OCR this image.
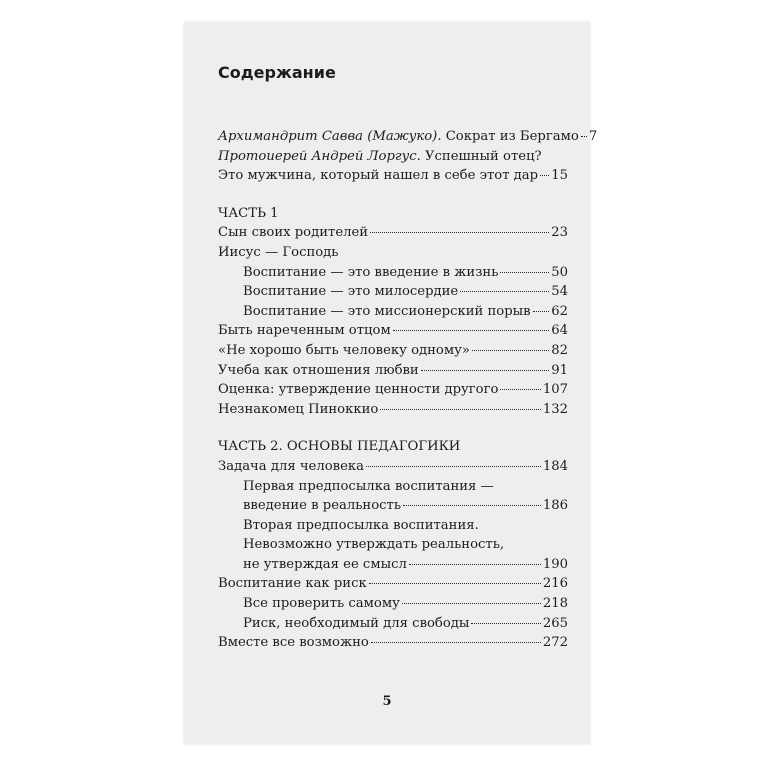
Содержание
Архимандрит Савва (Мажуко). Сократ из Бергамо 7
Протоиерей Андрей Лоргус. Успешный отец?
Это мужчина, который нашел в себе этот дар 15
ЧАСТЬ 1
Сын своих родителей	23
Иисус — Господь
Воспитание — это введение в жизнь	50
Воспитание — это милосердие	54
Воспитание — это миссионерский порыв 62
Быть нареченным отцом	64
«Не хорошо быть человеку одному»	82
Учеба как отношения любви	91
Оценка: утверждение ценности другого	107
Незнакомец Пиноккио	132
ЧАСТЬ 2. ОСНОВЫ ПЕДАГОГИКИ
Задача для человека	184
Первая предпосылка воспитания —
введение в реальность	186
Вторая предпосылка воспитания.
Невозможно утверждать реальность,
не утверждая ее смысл	190
Воспитание как риск	216
Все проверить самому	218
Риск, необходимый для свободы	265
Вместе все возможно	272
5
